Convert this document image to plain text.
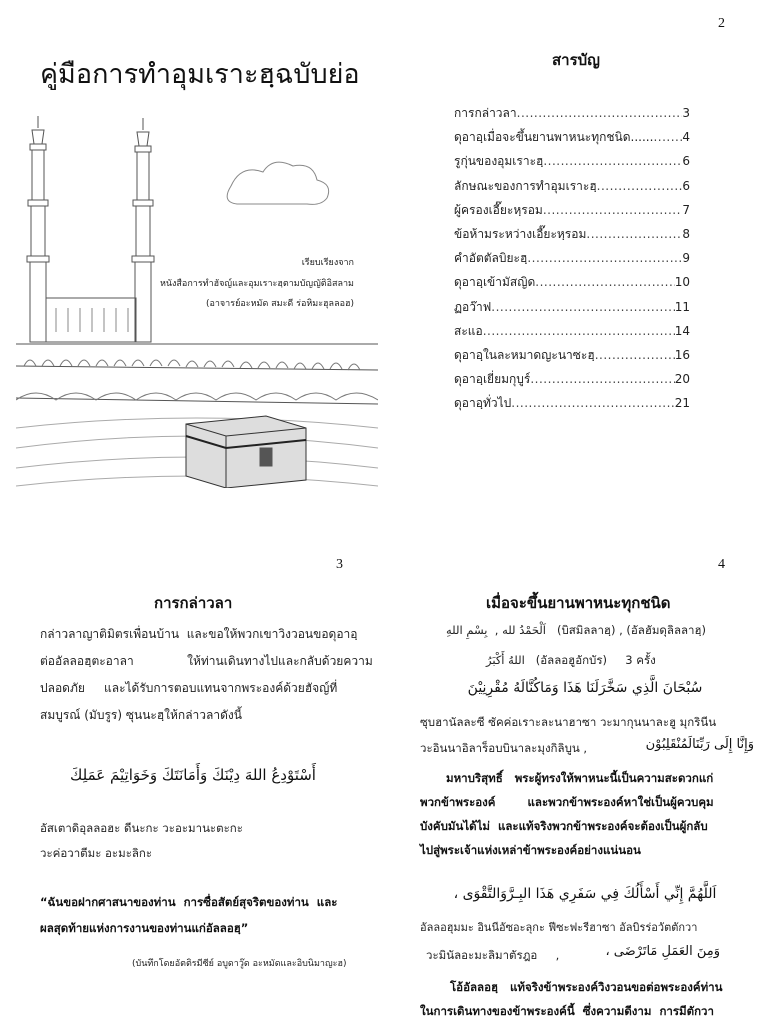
2
คู่มือการทำอุมเราะฮฺฉบับย่อ
เรียบเรียงจาก
หนังสือการทำฮัจญ์และอุมเราะฮฺตามบัญญัติอิสลาม
(อาจารย์อะหมัด สมะดี ร่อหิมะฮุลลอฮ)
สารบัญ
การกล่าวลา .....	3
ดุอาอฺเมื่อจะขึ้นยานพาหนะทุกชนิด...... ..... 4
รูกุ่นของอุมเราะฮฺ .....	6
ลักษณะของการทำอุมเราะฮฺ .....	6
ผู้ครองเอี๊ยะหฺรอม .....	7
ข้อห้ามระหว่างเอี๊ยะหฺรอม .....	8
คำอัตตัลบิยะฮฺ .....	9
ดุอาอฺเข้ามัสญิด .....	10
ฏอว๊าฟ .....	11
สะแอ .....	14
ดุอาอฺในละหมาดญะนาซะฮฺ .....	16
ดุอาอฺเยี่ยมกุบูร์ .....	20
ดุอาอฺทั่วไป .....	21
3
การกล่าวลา
กล่าวลาญาติมิตรเพื่อนบ้าน  และขอให้พวกเขาวิงวอนขอดุอาอฺ
ต่ออัลลอฮฺตะอาลา              ให้ท่านเดินทางไปและกลับด้วยความ
ปลอดภัย     และได้รับการตอบแทนจากพระองค์ด้วยฮัจญ์ที่
สมบูรณ์ (มับรูร) ซุนนะฮฺให้กล่าวลาดังนี้
أَسْتَوْدِعُ اللهَ دِيْنَكَ وَأَمَانَتَكَ وَخَوَاتِيْمَ عَمَلِكَ
อัสเตาดิอุลลอฮะ ดีนะกะ วะอะมานะตะกะ
วะค่อวาตีมะ อะมะลิกะ
“ฉันขอฝากศาสนาของท่าน  การซื่อสัตย์สุจริตของท่าน  และ
ผลสุดท้ายแห่งการงานของท่านแก่อัลลอฮฺ”
(บันทึกโดยอัตติรมีซีย์ อบูดาวู๊ด อะหมัดและอิบนิมาญะฮ)
4
เมื่อจะขึ้นยานพาหนะทุกชนิด
اَلْحَمْدُ لله ,  بِسْمِ اللهِ   (บิสมิลลาฮฺ) , (อัลฮัมดุลิลลาฮฺ)
اللهُ أَكْبَرُ   (อัลลอฮูอักบัร)     3 ครั้ง
سُبْحَانَ الَّذِي سَخَّرَلَنَا هَذَا وَمَاكُنَّالَهُ مُقْرِنِيْنَ
ซุบฮานัลละซี ซัคค่อเราะละนาฮาซา วะมากุนนาละฮู มุกรินีน
วะอินนาอิลาร็อบบินาละมุงกิลิบูน ,	وَإِنَّا إِلَى رَبِّنَالَمُنْقَلِبُوْن
มหาบริสุทธิ์   พระผู้ทรงให้พาหนะนี้เป็นความสะดวกแก่
พวกข้าพระองค์        และพวกข้าพระองค์หาใช่เป็นผู้ควบคุม
บังคับมันได้ไม่  และแท้จริงพวกข้าพระองค์จะต้องเป็นผู้กลับ
ไปสู่พระเจ้าแห่งเหล่าข้าพระองค์อย่างแน่นอน
اَللَّهُمَّ إِنِّي أَسْأَلُكَ فِي سَفَرِي هَذَا البِـرَّوَالتَّقْوَى ،
อัลลอฮุมมะ อินนีอัซอะลุกะ ฟีซะฟะรีฮาซา อัลบิรร่อวัตตักวา
วะมินัลอะมะลิมาตัรฎอ     ,	وَمِنَ العَمَلِ مَاتَرْضَى ،
โอ้อัลลอฮฺ   แท้จริงข้าพระองค์วิงวอนขอต่อพระองค์ท่าน
ในการเดินทางของข้าพระองค์นี้  ซึ่งความดีงาม  การมีตักวา
